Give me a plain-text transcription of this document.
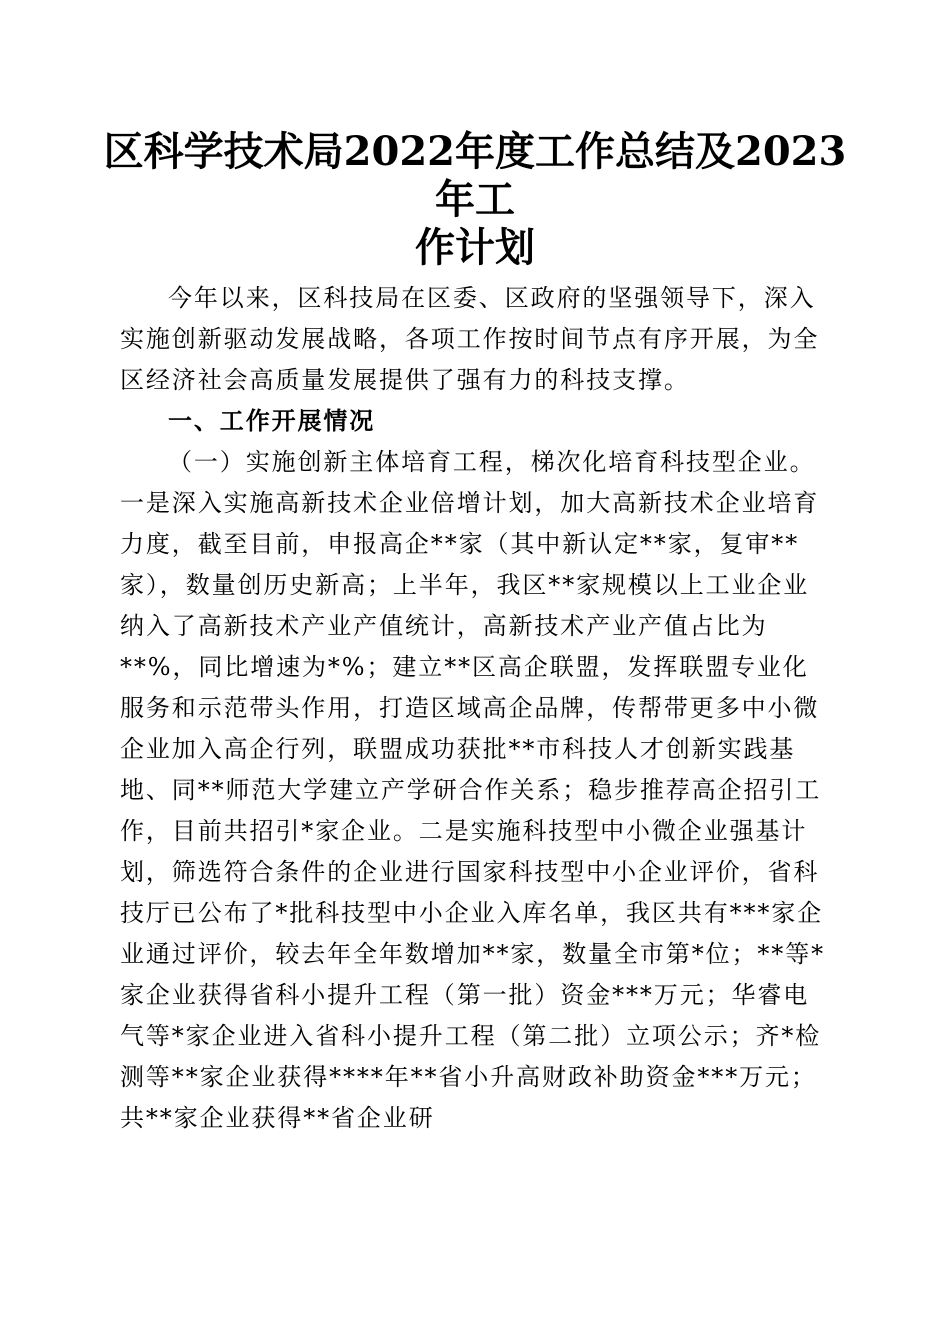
区科学技术局2022年度工作总结及2023年工
作计划

今年以来，区科技局在区委、区政府的坚强领导下，深入实施创新驱动发展战略，各项工作按时间节点有序开展，为全区经济社会高质量发展提供了强有力的科技支撑。

一、工作开展情况

（一）实施创新主体培育工程，梯次化培育科技型企业。一是深入实施高新技术企业倍增计划，加大高新技术企业培育力度，截至目前，申报高企**家（其中新认定**家，复审**家），数量创历史新高；上半年，我区**家规模以上工业企业纳入了高新技术产业产值统计，高新技术产业产值占比为**%，同比增速为*%；建立**区高企联盟，发挥联盟专业化服务和示范带头作用，打造区域高企品牌，传帮带更多中小微企业加入高企行列，联盟成功获批**市科技人才创新实践基地、同**师范大学建立产学研合作关系；稳步推荐高企招引工作，目前共招引*家企业。二是实施科技型中小微企业强基计划，筛选符合条件的企业进行国家科技型中小企业评价，省科技厅已公布了*批科技型中小企业入库名单，我区共有***家企业通过评价，较去年全年数增加**家，数量全市第*位；**等*家企业获得省科小提升工程（第一批）资金***万元；华睿电气等*家企业进入省科小提升工程（第二批）立项公示；齐*检测等**家企业获得****年**省小升高财政补助资金***万元；共**家企业获得**省企业研
